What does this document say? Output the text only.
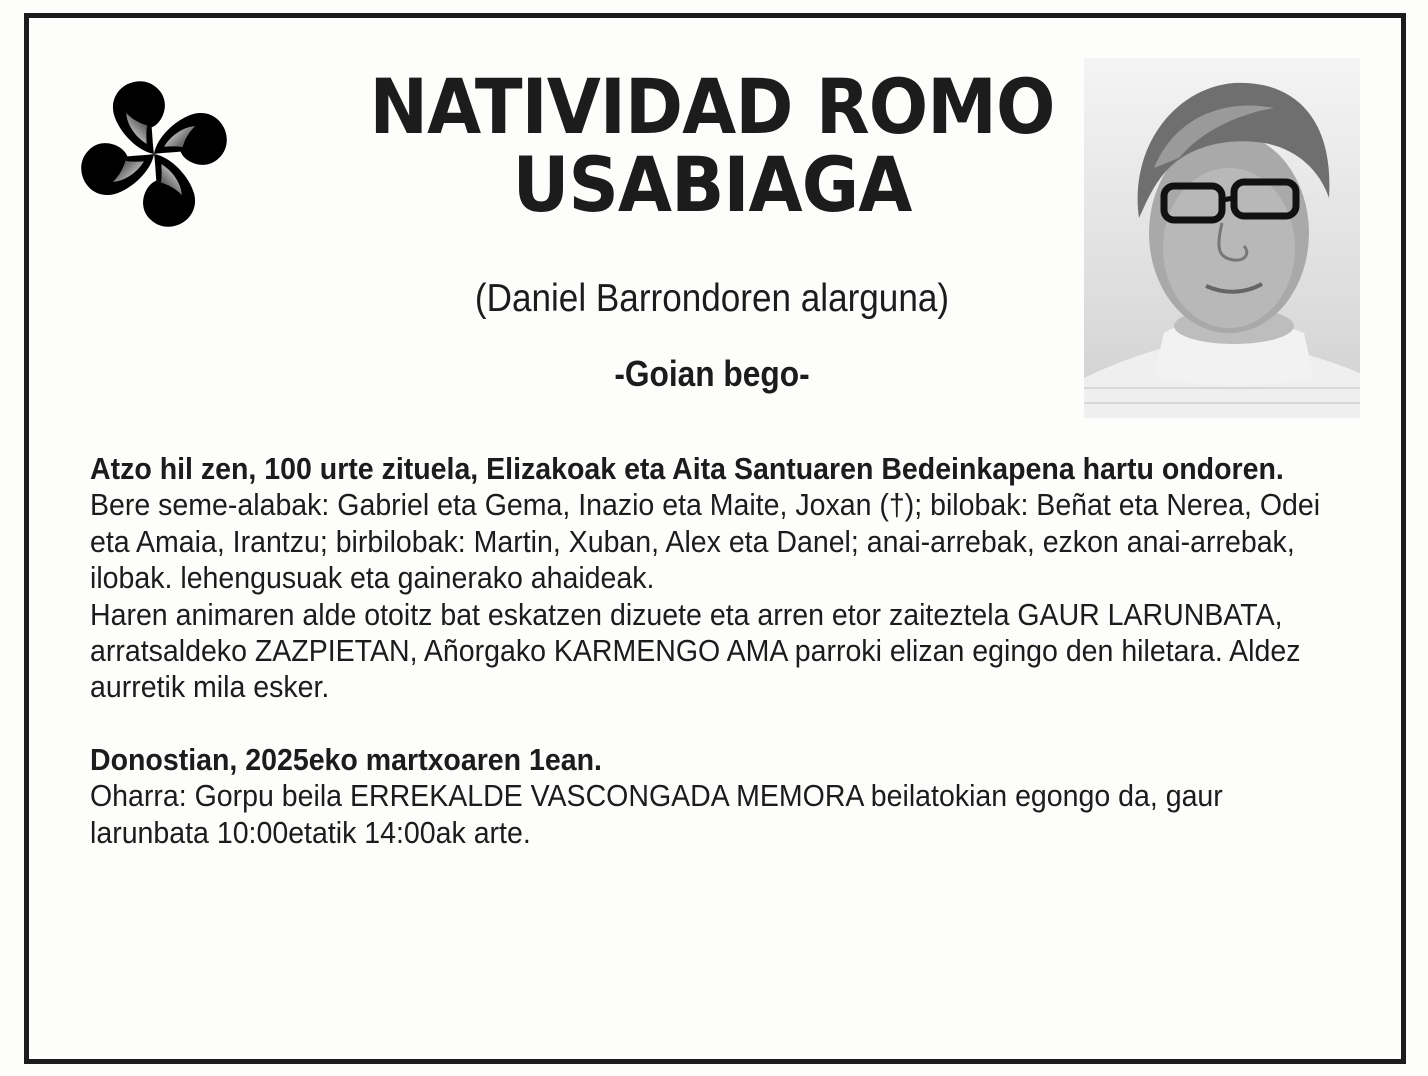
NATIVIDAD ROMO
USABIAGA
(Daniel Barrondoren alarguna)
-Goian bego-

Atzo hil zen, 100 urte zituela, Elizakoak eta Aita Santuaren Bedeinkapena hartu ondoren.

Bere seme-alabak: Gabriel eta Gema, Inazio eta Maite, Joxan (†); bilobak: Beñat eta Nerea, Odei eta Amaia, Irantzu; birbilobak: Martin, Xuban, Alex eta Danel; anai-arrebak, ezkon anai-arrebak, ilobak. lehengusuak eta gainerako ahaideak.

Haren animaren alde otoitz bat eskatzen dizuete eta arren etor zaiteztela GAUR LARUNBATA, arratsaldeko ZAZPIETAN, Añorgako KARMENGO AMA parroki elizan egingo den hiletara. Aldez aurretik mila esker.

Donostian, 2025eko martxoaren 1ean.

Oharra: Gorpu beila ERREKALDE VASCONGADA MEMORA beilatokian egongo da, gaur larunbata 10:00etatik 14:00ak arte.
